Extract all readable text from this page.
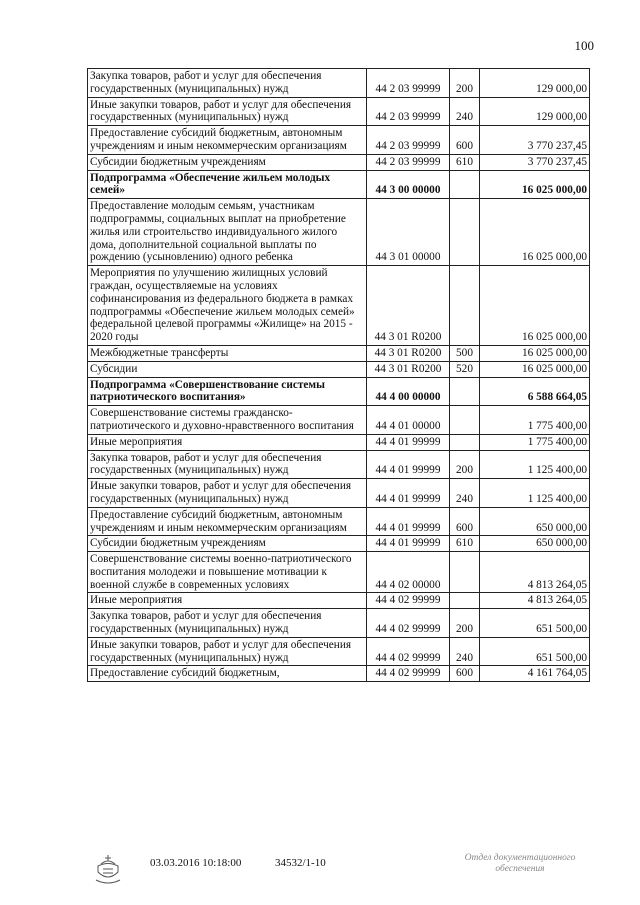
100
Закупка товаров, работ и услуг для обеспечения государственных (муниципальных) нужд	44 2 03 99999	200	129 000,00
Иные закупки товаров, работ и услуг для обеспечения государственных (муниципальных) нужд	44 2 03 99999	240	129 000,00
Предоставление субсидий бюджетным, автономным учреждениям и иным некоммерческим организациям	44 2 03 99999	600	3 770 237,45
Субсидии бюджетным учреждениям	44 2 03 99999	610	3 770 237,45
Подпрограмма «Обеспечение жильем молодых семей»	44 3 00 00000		16 025 000,00
Предоставление молодым семьям, участникам подпрограммы, социальных выплат на приобретение жилья или строительство индивидуального жилого дома, дополнительной социальной выплаты по рождению (усыновлению) одного ребенка	44 3 01 00000		16 025 000,00
Мероприятия по улучшению жилищных условий граждан, осуществляемые на условиях софинансирования из федерального бюджета в рамках подпрограммы «Обеспечение жильем молодых семей» федеральной целевой программы «Жилище» на 2015 - 2020 годы	44 3 01 R0200		16 025 000,00
Межбюджетные трансферты	44 3 01 R0200	500	16 025 000,00
Субсидии	44 3 01 R0200	520	16 025 000,00
Подпрограмма «Совершенствование системы патриотического воспитания»	44 4 00 00000		6 588 664,05
Совершенствование системы гражданско-патриотического и духовно-нравственного воспитания	44 4 01 00000		1 775 400,00
Иные мероприятия	44 4 01 99999		1 775 400,00
Закупка товаров, работ и услуг для обеспечения государственных (муниципальных) нужд	44 4 01 99999	200	1 125 400,00
Иные закупки товаров, работ и услуг для обеспечения государственных (муниципальных) нужд	44 4 01 99999	240	1 125 400,00
Предоставление субсидий бюджетным, автономным учреждениям и иным некоммерческим организациям	44 4 01 99999	600	650 000,00
Субсидии бюджетным учреждениям	44 4 01 99999	610	650 000,00
Совершенствование системы военно-патриотического воспитания молодежи и повышение мотивации к военной службе в современных условиях	44 4 02 00000		4 813 264,05
Иные мероприятия	44 4 02 99999		4 813 264,05
Закупка товаров, работ и услуг для обеспечения государственных (муниципальных) нужд	44 4 02 99999	200	651 500,00
Иные закупки товаров, работ и услуг для обеспечения государственных (муниципальных) нужд	44 4 02 99999	240	651 500,00
Предоставление субсидий бюджетным,	44 4 02 99999	600	4 161 764,05
03.03.2016 10:18:00	34532/1-10	Отдел документационного
обеспечения
